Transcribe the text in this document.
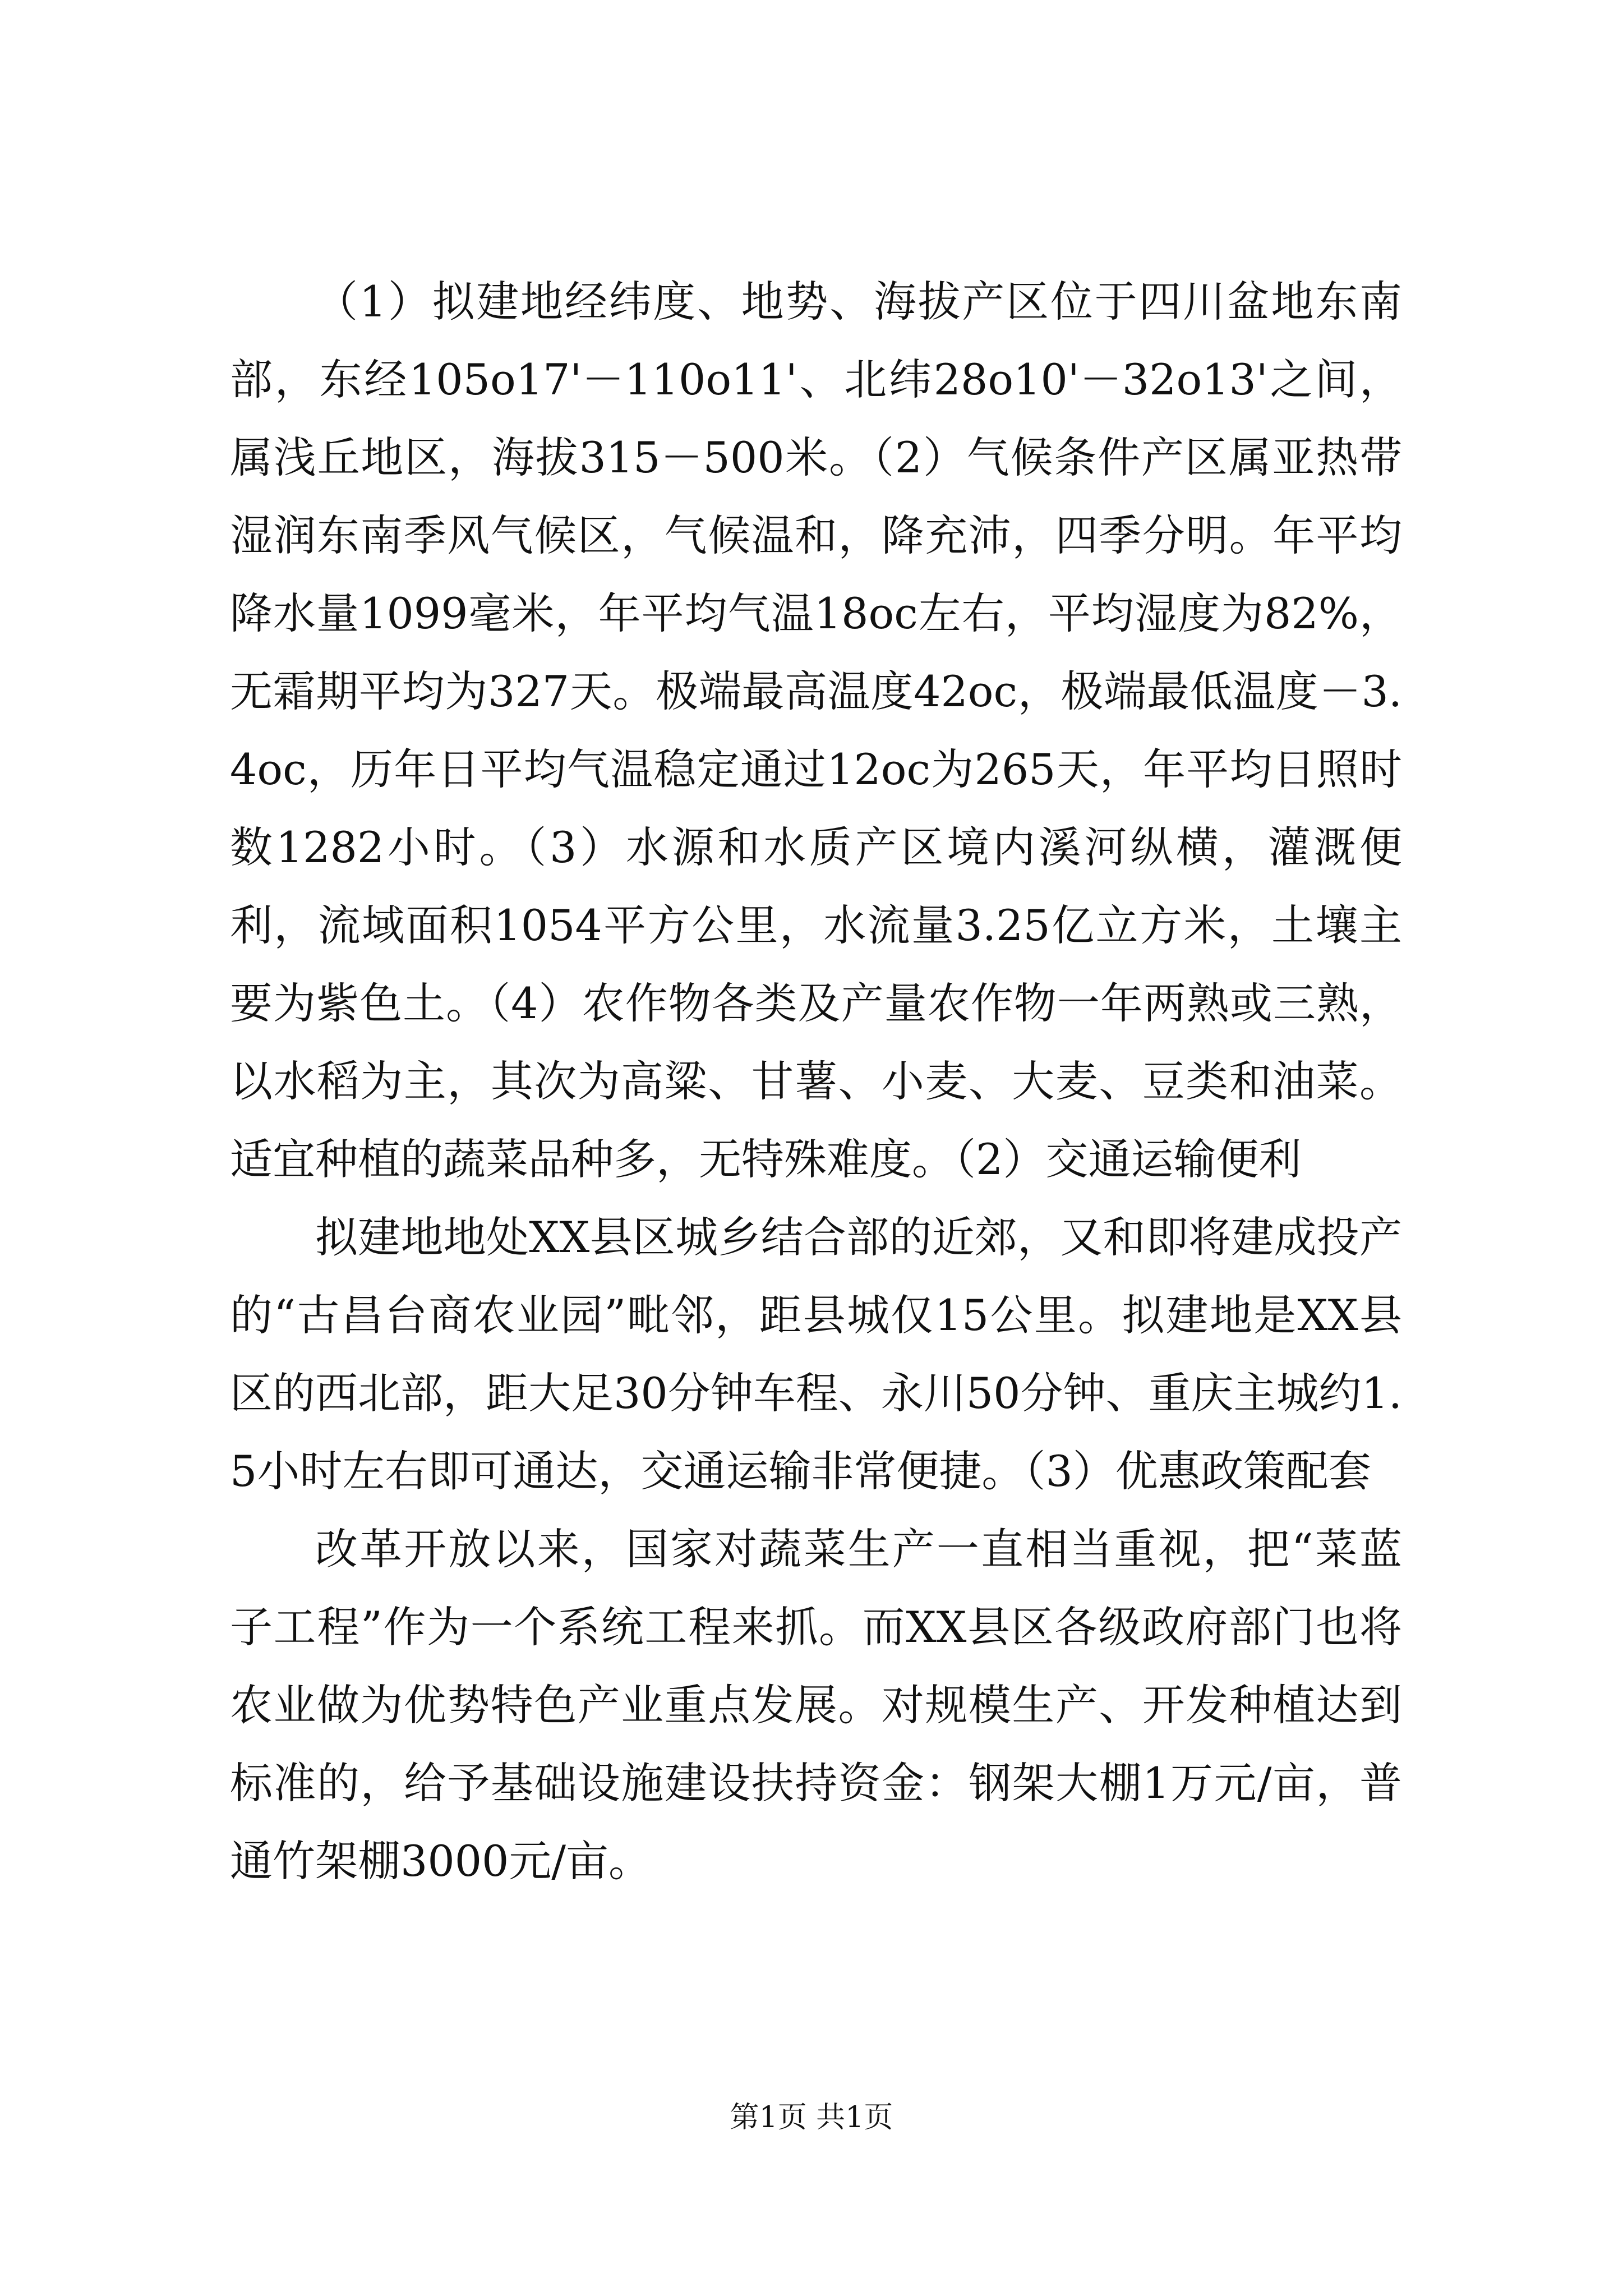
（1）拟建地经纬度、地势、海拔产区位于四川盆地东南部，东经105o17'－110o11'、北纬28o10'－32o13'之间，属浅丘地区，海拔315－500米。（2）气候条件产区属亚热带湿润东南季风气候区，气候温和，降充沛，四季分明。年平均降水量1099毫米，年平均气温18oc左右，平均湿度为82%，无霜期平均为327天。极端最高温度42oc，极端最低温度－3.4oc，历年日平均气温稳定通过12oc为265天，年平均日照时数1282小时。（3）水源和水质产区境内溪河纵横，灌溉便利，流域面积1054平方公里，水流量3.25亿立方米，土壤主要为紫色土。（4）农作物各类及产量农作物一年两熟或三熟，以水稻为主，其次为高粱、甘薯、小麦、大麦、豆类和油菜。适宜种植的蔬菜品种多，无特殊难度。（2）交通运输便利

拟建地地处XX县区城乡结合部的近郊，又和即将建成投产的“古昌台商农业园”毗邻，距县城仅15公里。拟建地是XX县区的西北部，距大足30分钟车程、永川50分钟、重庆主城约1.5小时左右即可通达，交通运输非常便捷。（3）优惠政策配套

改革开放以来，国家对蔬菜生产一直相当重视，把“菜蓝子工程”作为一个系统工程来抓。而XX县区各级政府部门也将农业做为优势特色产业重点发展。对规模生产、开发种植达到标准的，给予基础设施建设扶持资金：钢架大棚1万元/亩，普通竹架棚3000元/亩。

第1页 共1页
